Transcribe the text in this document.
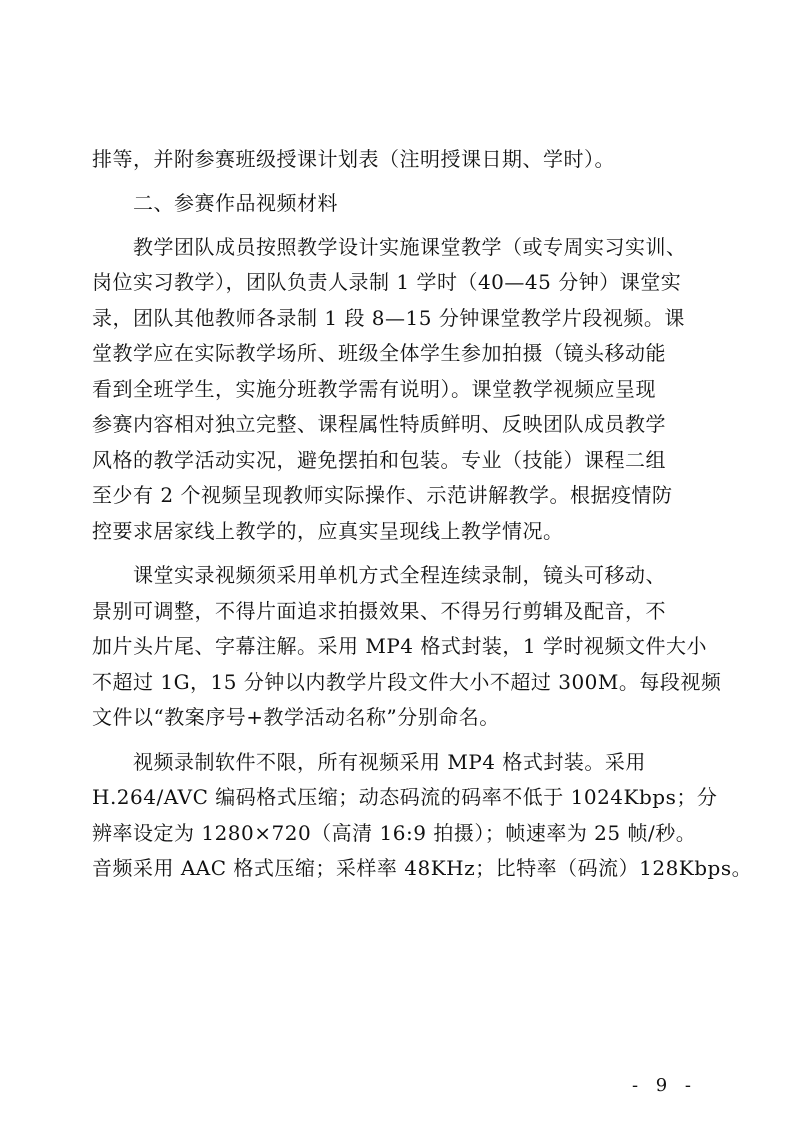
排等，并附参赛班级授课计划表（注明授课日期、学时）。
　　二、参赛作品视频材料
　　教学团队成员按照教学设计实施课堂教学（或专周实习实训、
岗位实习教学），团队负责人录制 1 学时（40—45 分钟）课堂实
录，团队其他教师各录制 1 段 8—15 分钟课堂教学片段视频。课
堂教学应在实际教学场所、班级全体学生参加拍摄（镜头移动能
看到全班学生，实施分班教学需有说明）。课堂教学视频应呈现
参赛内容相对独立完整、课程属性特质鲜明、反映团队成员教学
风格的教学活动实况，避免摆拍和包装。专业（技能）课程二组
至少有 2 个视频呈现教师实际操作、示范讲解教学。根据疫情防
控要求居家线上教学的，应真实呈现线上教学情况。
　　课堂实录视频须采用单机方式全程连续录制，镜头可移动、
景别可调整，不得片面追求拍摄效果、不得另行剪辑及配音，不
加片头片尾、字幕注解。采用 MP4 格式封装，1 学时视频文件大小
不超过 1G，15 分钟以内教学片段文件大小不超过 300M。每段视频
文件以“教案序号+教学活动名称”分别命名。
　　视频录制软件不限，所有视频采用 MP4 格式封装。采用
H.264/AVC 编码格式压缩；动态码流的码率不低于 1024Kbps；分
辨率设定为 1280×720（高清 16:9 拍摄）；帧速率为 25 帧/秒。
音频采用 AAC 格式压缩；采样率 48KHz；比特率（码流）128Kbps。
- 9 -
